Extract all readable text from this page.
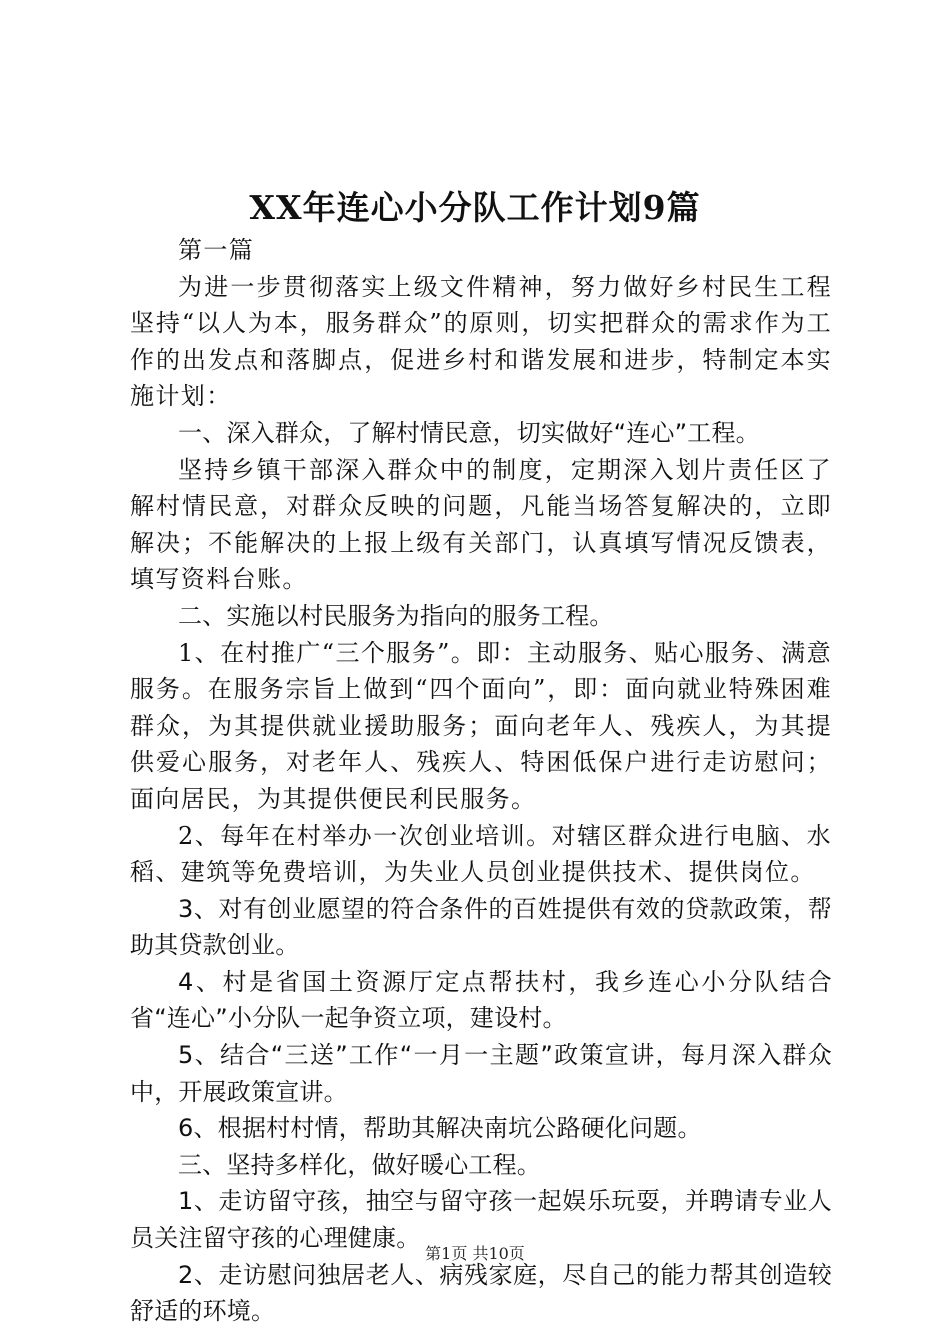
XX年连心小分队工作计划9篇

第一篇

为进一步贯彻落实上级文件精神，努力做好乡村民生工程坚持“以人为本，服务群众”的原则，切实把群众的需求作为工作的出发点和落脚点，促进乡村和谐发展和进步，特制定本实施计划：

一、深入群众，了解村情民意，切实做好“连心”工程。

坚持乡镇干部深入群众中的制度，定期深入划片责任区了解村情民意，对群众反映的问题，凡能当场答复解决的，立即解决；不能解决的上报上级有关部门，认真填写情况反馈表，填写资料台账。

二、实施以村民服务为指向的服务工程。

1、在村推广“三个服务”。即：主动服务、贴心服务、满意服务。在服务宗旨上做到“四个面向”，即：面向就业特殊困难群众，为其提供就业援助服务；面向老年人、残疾人，为其提供爱心服务，对老年人、残疾人、特困低保户进行走访慰问；面向居民，为其提供便民利民服务。

2、每年在村举办一次创业培训。对辖区群众进行电脑、水稻、建筑等免费培训，为失业人员创业提供技术、提供岗位。

3、对有创业愿望的符合条件的百姓提供有效的贷款政策，帮助其贷款创业。

4、村是省国土资源厅定点帮扶村，我乡连心小分队结合省“连心”小分队一起争资立项，建设村。

5、结合“三送”工作“一月一主题”政策宣讲，每月深入群众中，开展政策宣讲。

6、根据村村情，帮助其解决南坑公路硬化问题。

三、坚持多样化，做好暖心工程。

1、走访留守孩，抽空与留守孩一起娱乐玩耍，并聘请专业人员关注留守孩的心理健康。

2、走访慰问独居老人、病残家庭，尽自己的能力帮其创造较舒适的环境。

第1页 共10页
